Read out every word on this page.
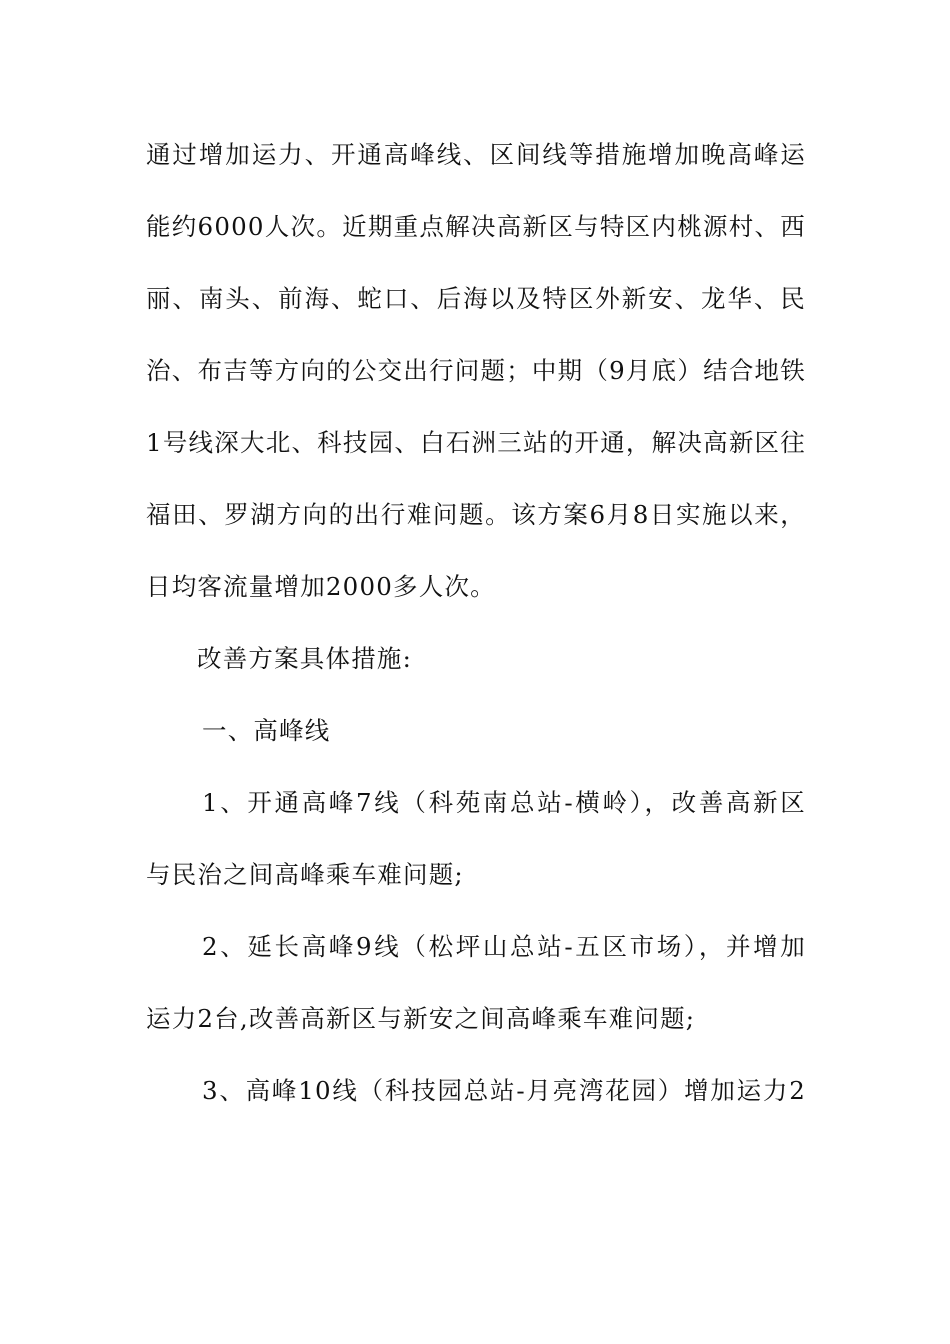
通过增加运力、开通高峰线、区间线等措施增加晚高峰运
能约6000人次。近期重点解决高新区与特区内桃源村、西
丽、南头、前海、蛇口、后海以及特区外新安、龙华、民
治、布吉等方向的公交出行问题；中期（9月底）结合地铁
1号线深大北、科技园、白石洲三站的开通，解决高新区往
福田、罗湖方向的出行难问题。该方案6月8日实施以来，
日均客流量增加2000多人次。
改善方案具体措施:
一、高峰线
1、开通高峰7线（科苑南总站-横岭），改善高新区
与民治之间高峰乘车难问题;
2、延长高峰9线（松坪山总站-五区市场），并增加
运力2台,改善高新区与新安之间高峰乘车难问题;
3、高峰10线（科技园总站-月亮湾花园）增加运力2
